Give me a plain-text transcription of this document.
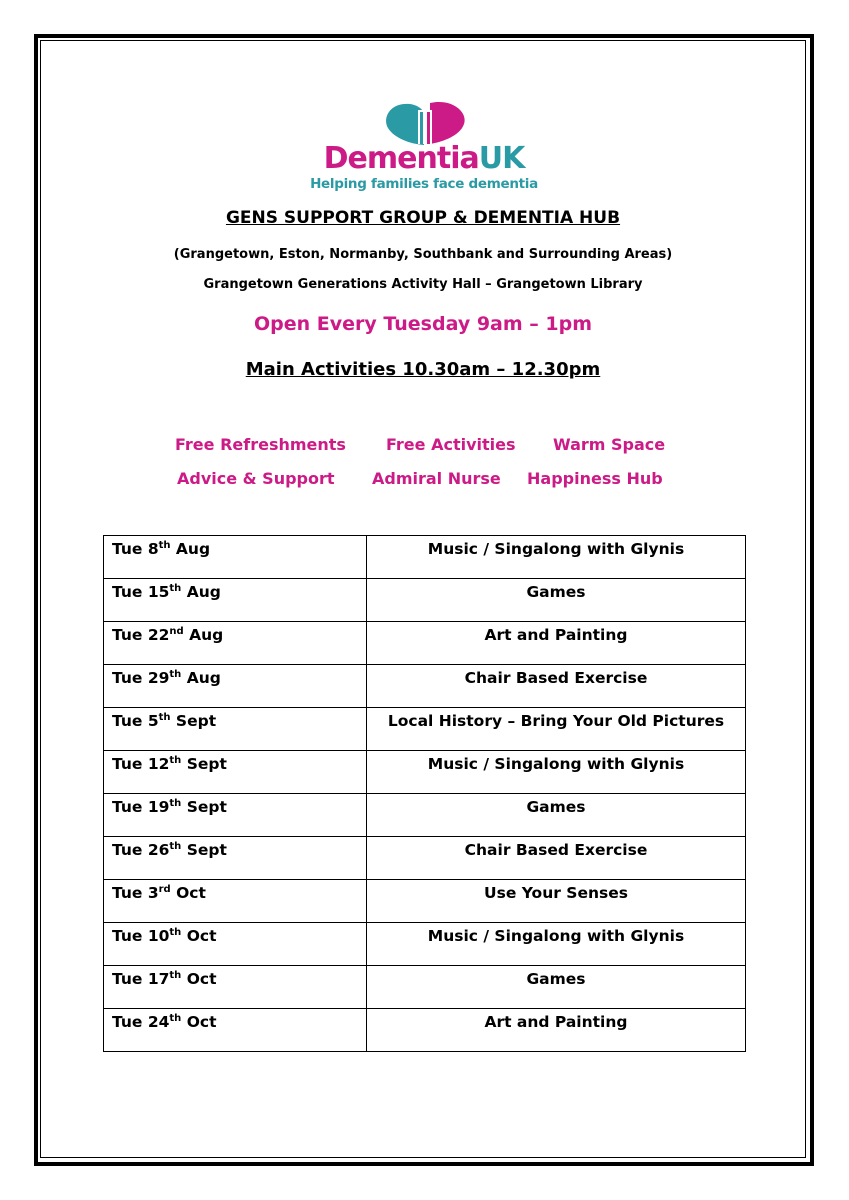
DementiaUK
Helping families face dementia
GENS SUPPORT GROUP & DEMENTIA HUB
(Grangetown, Eston, Normanby, Southbank and Surrounding Areas)
Grangetown Generations Activity Hall – Grangetown Library
Open Every Tuesday 9am – 1pm
Main Activities 10.30am – 12.30pm
Free Refreshments	Free Activities Warm Space
Advice & Support Admiral Nurse Happiness Hub
Tue 8th Aug	Music / Singalong with Glynis

Tue 15th Aug	Games

Tue 22nd Aug	Art and Painting

Tue 29th Aug	Chair Based Exercise

Tue 5th Sept	Local History – Bring Your Old Pictures

Tue 12th Sept	Music / Singalong with Glynis

Tue 19th Sept	Games

Tue 26th Sept	Chair Based Exercise

Tue 3rd Oct	Use Your Senses

Tue 10th Oct	Music / Singalong with Glynis

Tue 17th Oct	Games

Tue 24th Oct	Art and Painting
